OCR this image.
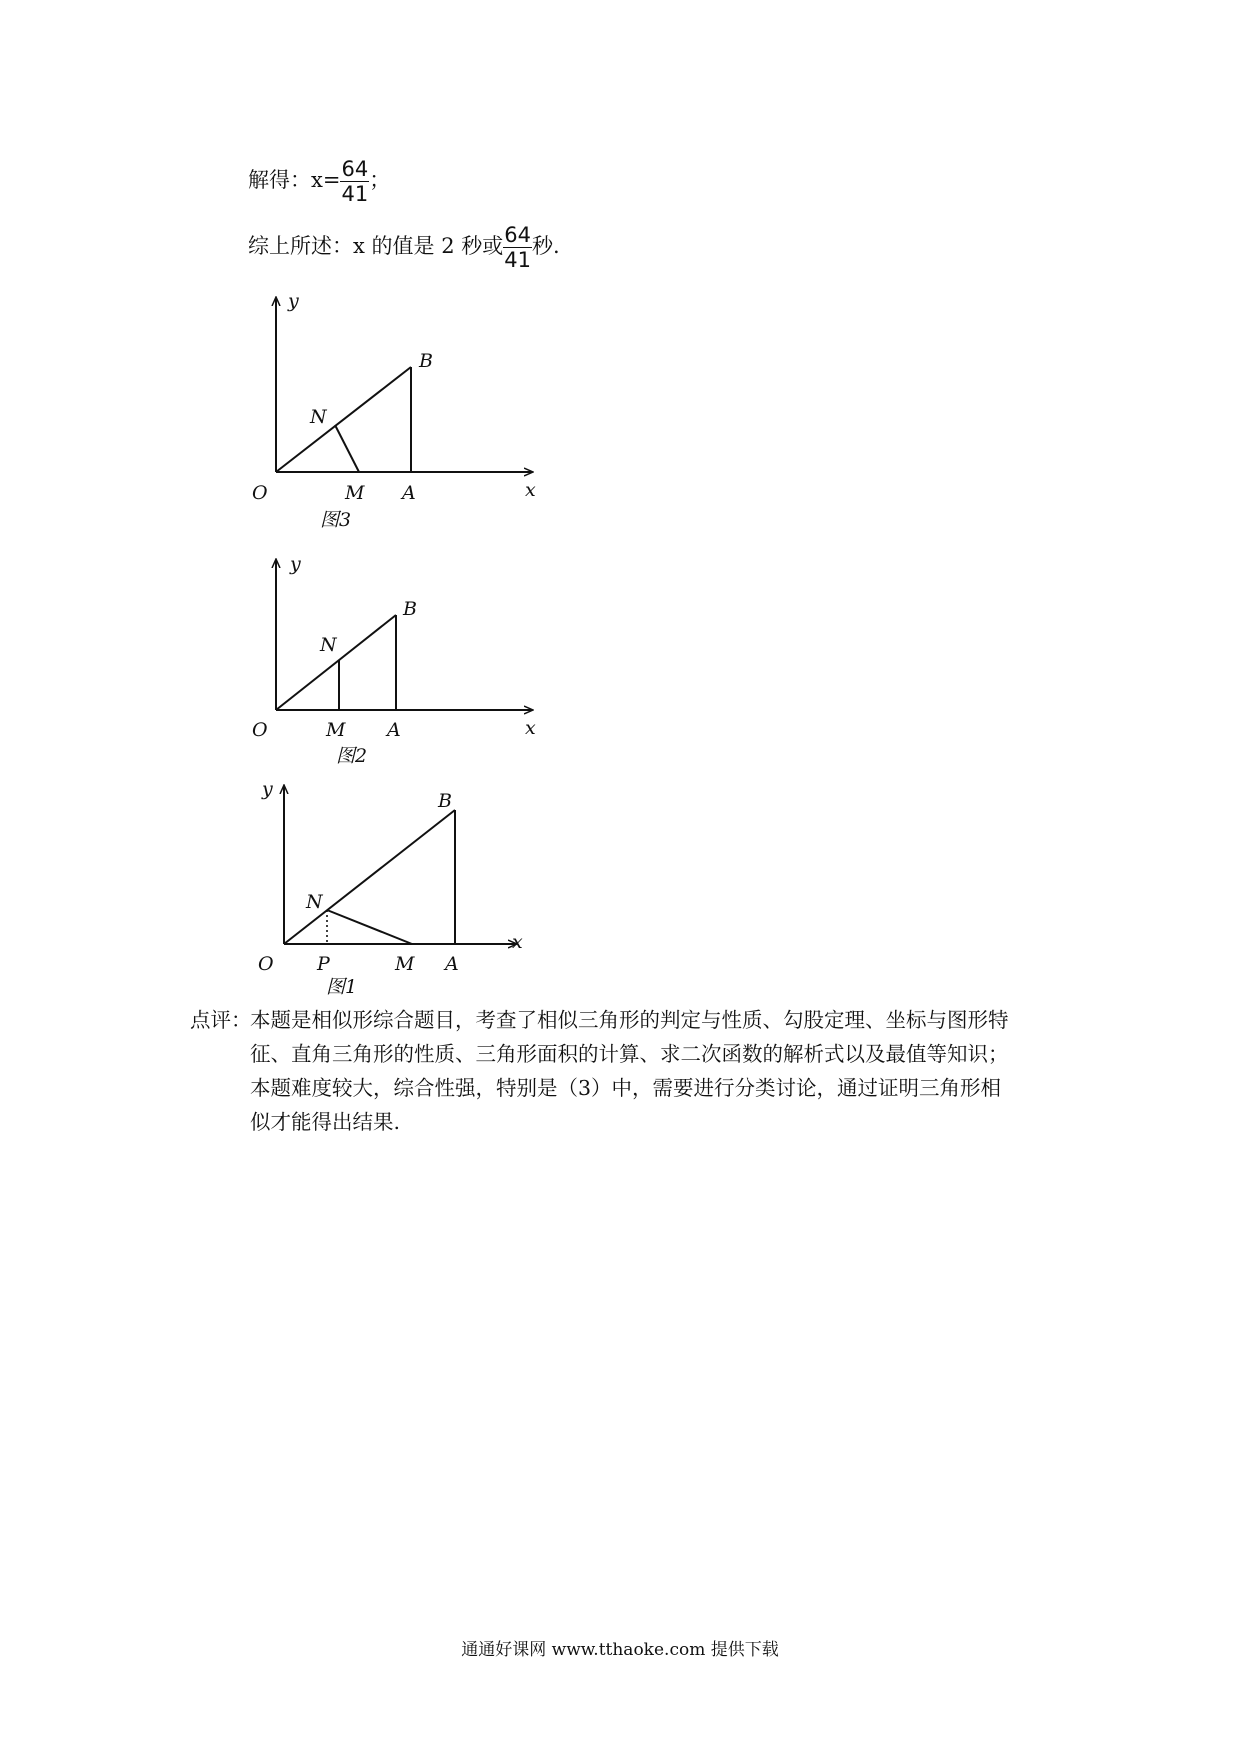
解得：$x= \frac{64}{41}$ ；
综上所述：x 的值是 2 秒或 $\frac{64}{41}$ 秒.
y
B
N
O	M A	x
图3
y
B
N
O	M A	x
图2
y
B
N
O P	M A
x
图1
点评：
本题是相似形综合题目，考查了相似三角形的判定与性质、勾股定理、坐标与图形特
征、直角三角形的性质、三角形面积的计算、求二次函数的解析式以及最值等知识；
本题难度较大，综合性强，特别是（3）中，需要进行分类讨论，通过证明三角形相
似才能得出结果.
通通好课网 www.tthaoke.com 提供下载
